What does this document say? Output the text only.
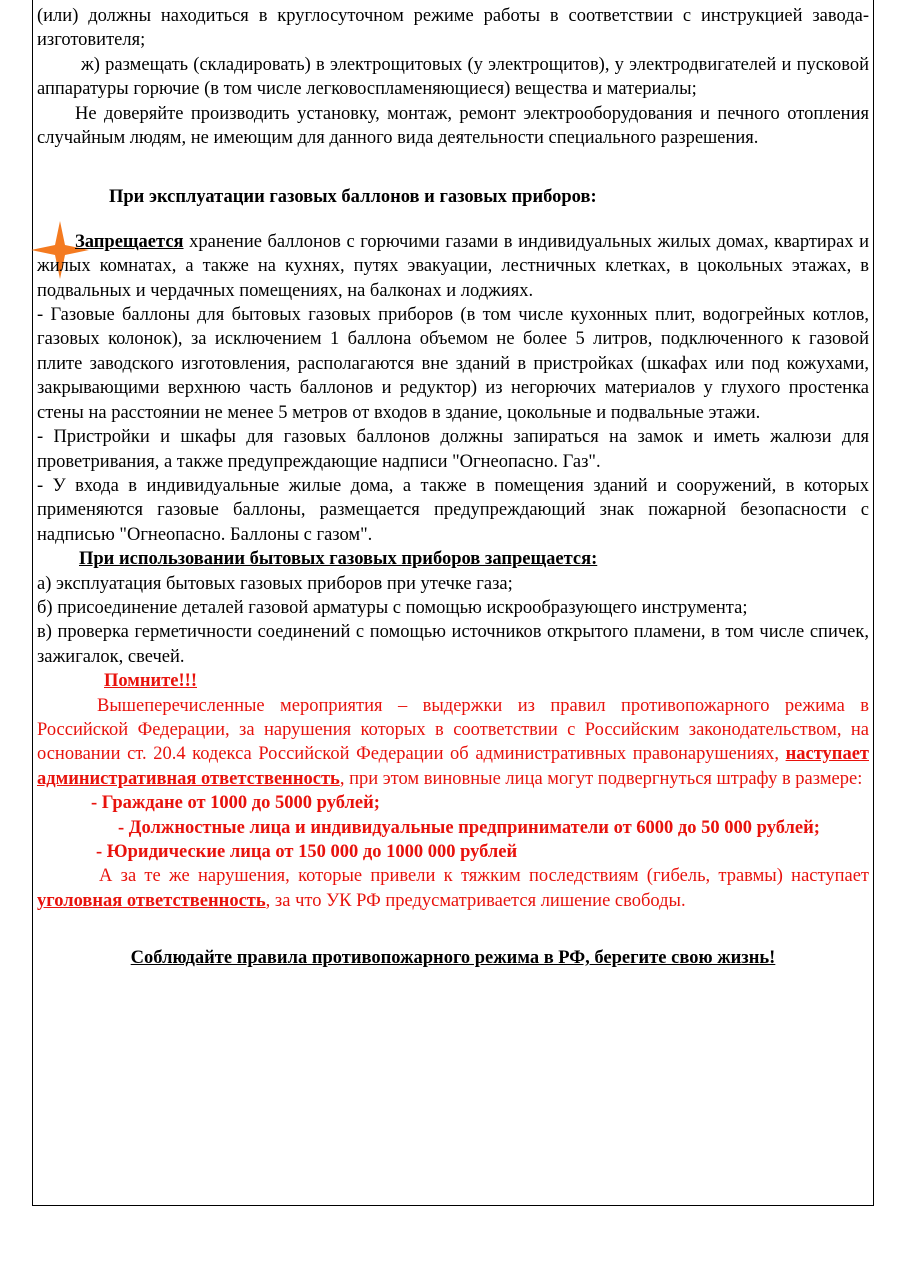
(или) должны находиться в круглосуточном режиме работы в соответствии с инструкцией завода-изготовителя;

ж) размещать (складировать) в электрощитовых (у электрощитов), у электродвигателей и пусковой аппаратуры горючие (в том числе легковоспламеняющиеся) вещества и материалы;

Не доверяйте производить установку, монтаж, ремонт электрооборудования и печного отопления случайным людям, не имеющим для данного вида деятельности специального разрешения.

При эксплуатации газовых баллонов и газовых приборов:

Запрещается хранение баллонов с горючими газами в индивидуальных жилых домах, квартирах и жилых комнатах, а также на кухнях, путях эвакуации, лестничных клетках, в цокольных этажах, в подвальных и чердачных помещениях, на балконах и лоджиях.

- Газовые баллоны для бытовых газовых приборов (в том числе кухонных плит, водогрейных котлов, газовых колонок), за исключением 1 баллона объемом не более 5 литров, подключенного к газовой плите заводского изготовления, располагаются вне зданий в пристройках (шкафах или под кожухами, закрывающими верхнюю часть баллонов и редуктор) из негорючих материалов у глухого простенка стены на расстоянии не менее 5 метров от входов в здание, цокольные и подвальные этажи.

- Пристройки и шкафы для газовых баллонов должны запираться на замок и иметь жалюзи для проветривания, а также предупреждающие надписи "Огнеопасно. Газ".

- У входа в индивидуальные жилые дома, а также в помещения зданий и сооружений, в которых применяются газовые баллоны, размещается предупреждающий знак пожарной безопасности с надписью "Огнеопасно. Баллоны с газом".

При использовании бытовых газовых приборов запрещается:

а) эксплуатация бытовых газовых приборов при утечке газа;

б) присоединение деталей газовой арматуры с помощью искрообразующего инструмента;

в) проверка герметичности соединений с помощью источников открытого пламени, в том числе спичек, зажигалок, свечей.

Помните!!!

Вышеперечисленные мероприятия – выдержки из правил противопожарного режима в Российской Федерации, за нарушения которых в соответствии с Российским законодательством, на основании ст. 20.4 кодекса Российской Федерации об административных правонарушениях, наступает административная ответственность, при этом виновные лица могут подвергнуться штрафу в размере:

- Граждане от 1000 до 5000 рублей;

- Должностные лица и индивидуальные предприниматели от 6000 до 50 000 рублей;

- Юридические лица от 150 000 до 1000 000 рублей

А за те же нарушения, которые привели к тяжким последствиям (гибель, травмы) наступает уголовная ответственность, за что УК РФ предусматривается лишение свободы.

Соблюдайте правила противопожарного режима в РФ, берегите свою жизнь!
